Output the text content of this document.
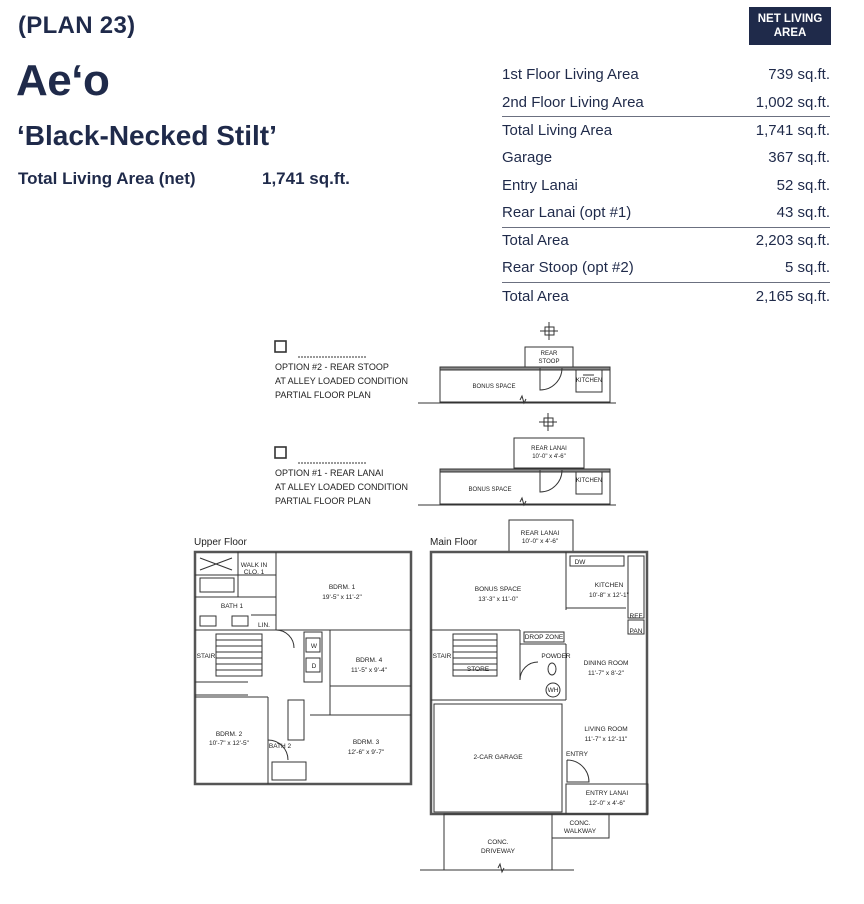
(PLAN 23)
Ae‘o
‘Black-Necked Stilt’
Total Living Area (net)	1,741 sq.ft.
NET LIVING
AREA
1st Floor Living Area	739 sq.ft.
2nd Floor Living Area	1,002 sq.ft.
Total Living Area	1,741 sq.ft.
Garage	367 sq.ft.
Entry Lanai	52 sq.ft.
Rear Lanai (opt #1)	43 sq.ft.
Total Area	2,203 sq.ft.
Rear Stoop (opt #2)	5 sq.ft.
Total Area	2,165 sq.ft.
OPTION #2 - REAR STOOP
AT ALLEY LOADED CONDITION
PARTIAL FLOOR PLAN
OPTION #1 - REAR LANAI
AT ALLEY LOADED CONDITION
PARTIAL FLOOR PLAN
REAR
STOOP
BONUS SPACE
KITCHEN
REAR LANAI
10'-0" x 4'-6"
BONUS SPACE
KITCHEN
Upper Floor
WALK IN
CLO. 1
BATH 1
LIN.
BDRM. 1
19'-5" x 11'-2"
BDRM. 4
11'-5" x 9'-4"
BDRM. 2
10'-7" x 12'-5"	BDRM. 3
12'-6" x 9'-7"
BATH 2
STAIR
D
W
Main Floor
REAR LANAI
10'-0" x 4'-6"
BONUS SPACE
13'-3" x 11'-0"
KITCHEN
10'-8" x 12'-1"
DW
REF
PAN
DROP ZONE
POWDER
STAIR
STORE
WH
DINING ROOM
11'-7" x 8'-2"
LIVING ROOM
11'-7" x 12'-11"
2-CAR GARAGE	ENTRY
ENTRY LANAI
12'-0" x 4'-6"
CONC.
WALKWAY
CONC.
DRIVEWAY
